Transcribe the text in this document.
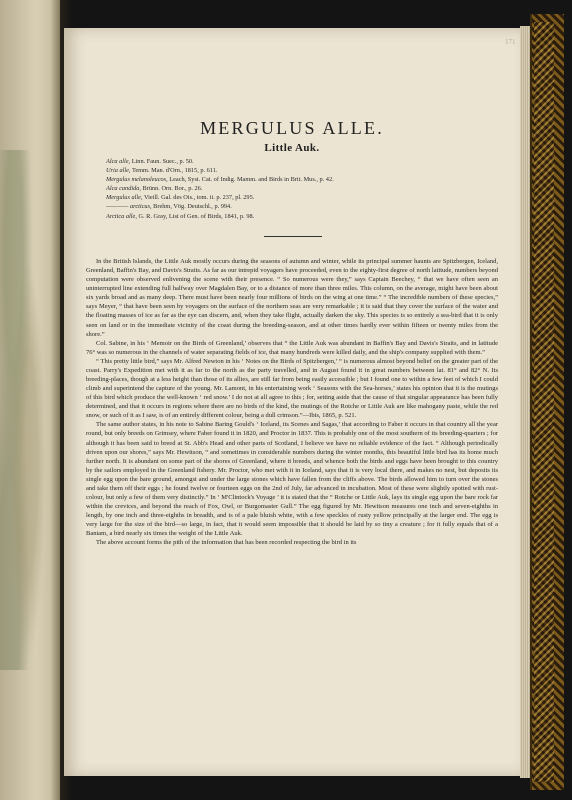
171
MERGULUS ALLE.
Little Auk.
Alca alle, Linn. Faun. Suec., p. 50.
Uria alle, Temm. Man. d'Orn., 1815, p. 611.
Mergulus melanoleucos, Leach, Syst. Cat. of Indig. Mamm. and Birds in Brit. Mus., p. 42.
Alca candida, Brünn. Orn. Bor., p. 26.
Mergulus alle, Vieill. Gal. des Ois., tom. ii. p. 237, pl. 295.
———— arcticus, Brehm, Vög. Deutschl., p. 994.
Arctica alle, G. R. Gray, List of Gen. of Birds, 1841, p. 98.

In the British Islands, the Little Auk mostly occurs during the seasons of autumn and winter, while its principal summer haunts are Spitzbergen, Iceland, Greenland, Baffin's Bay, and Davis's Straits. As far as our intrepid voyagers have proceeded, even to the eighty-first degree of north latitude, numbers beyond computation were observed enlivening the scene with their presence. “ So numerous were they,” says Captain Beechey, “ that we have often seen an uninterrupted line extending full halfway over Magdalen Bay, or to a distance of more than three miles. This column, on the average, might have been about six yards broad and as many deep. There must have been nearly four millions of birds on the wing at one time.” “ The incredible numbers of these species,” says Meyer, “ that have been seen by voyagers on the surface of the northern seas are very remarkable ; it is said that they cover the surface of the water and the floating masses of ice as far as the eye can discern, and, when they take flight, actually darken the sky. This species is so entirely a sea-bird that it is only seen on land or in the immediate vicinity of the coast during the breeding-season, and at other times hardly ever within fifteen or twenty miles from the shore.”

Col. Sabine, in his ‘ Memoir on the Birds of Greenland,’ observes that “ the Little Auk was abundant in Baffin's Bay and Davis's Straits, and in latitude 76° was so numerous in the channels of water separating fields of ice, that many hundreds were killed daily, and the ship's company supplied with them.”

“ This pretty little bird,” says Mr. Alfred Newton in his ‘ Notes on the Birds of Spitzbergen,’ “ is numerous almost beyond belief on the greater part of the coast. Parry's Expedition met with it as far to the north as the party travelled, and in August found it in great numbers between lat. 81° and 82° N. Its breeding-places, though at a less height than those of its allies, are still far from being easily accessible ; but I found one to within a few feet of which I could climb and superintend the capture of the young. Mr. Lamont, in his entertaining work ‘ Seasons with the Sea-horses,’ states his opinion that it is the mutings of this bird which produce the well-known ‘ red snow.’ I do not at all agree to this ; for, setting aside that the cause of that singular appearance has been fully determined, and that it occurs in regions where there are no birds of the kind, the mutings of the Rotche or Little Auk are like mahogany paste, while the red snow, or such of it as I saw, is of an entirely different colour, being a dull crimson.”—Ibis, 1865, p. 521.

The same author states, in his note to Sabine Baring Gould's ‘ Iceland, its Scenes and Sagas,’ that according to Faber it occurs in that country all the year round, but only breeds on Grimsey, where Faber found it in 1820, and Proctor in 1837. This is probably one of the most southern of its breeding-quarters ; for although it has been said to breed at St. Abb's Head and other parts of Scotland, I believe we have no reliable evidence of the fact. “ Although periodically driven upon our shores,” says Mr. Hewitson, “ and sometimes in considerable numbers during the winter months, this beautiful little bird has its home much further north. It is abundant on some part of the shores of Greenland, where it breeds, and whence both the birds and eggs have been brought to this country by the sailors employed in the Greenland fishery. Mr. Proctor, who met with it in Iceland, says that it is very local there, and makes no nest, but deposits its single egg upon the bare ground, amongst and under the large stones which have fallen from the cliffs above. The birds allowed him to turn over the stones and take them off their eggs ; he found twelve or fourteen eggs on the 2nd of July, far advanced in incubation. Most of these were slightly spotted with rust-colour, but only a few of them very distinctly.” In ‘ M'Clintock's Voyage ’ it is stated that the “ Rotche or Little Auk, lays its single egg upon the bare rock far within the crevices, and beyond the reach of Fox, Owl, or Burgomaster Gull.” The egg figured by Mr. Hewitson measures one inch and seven-eighths in length, by one inch and three-eighths in breadth, and is of a pale bluish white, with a few speckles of rusty yellow principally at the larger end. The egg is very large for the size of the bird—so large, in fact, that it would seem impossible that it should be laid by so tiny a creature ; for it fully equals that of a Bantam, a bird nearly six times the weight of the Little Auk.

The above account forms the pith of the information that has been recorded respecting the bird in its
